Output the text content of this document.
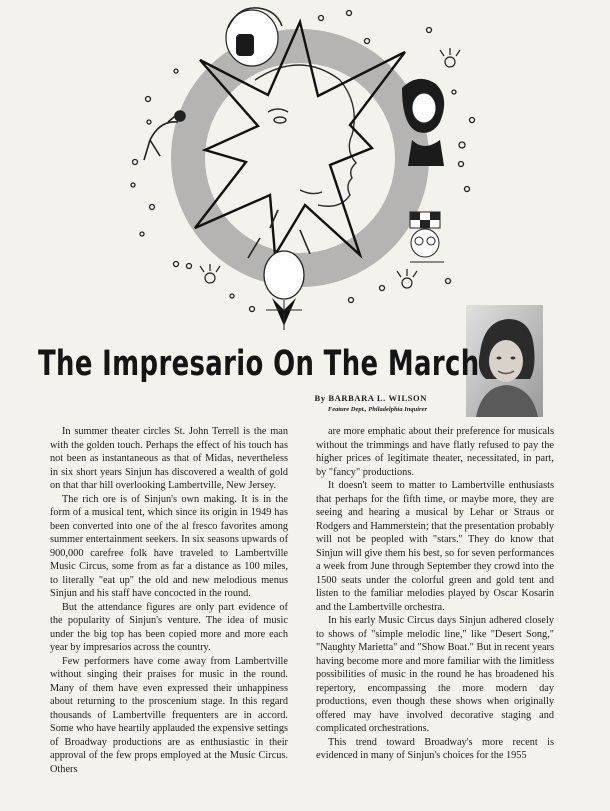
The Impresario On The March
By BARBARA L. WILSON
Feature Dept., Philadelphia Inquirer

In summer theater circles St. John Terrell is the man with the golden touch. Perhaps the effect of his touch has not been as instantaneous as that of Midas, nevertheless in six short years Sinjun has discovered a wealth of gold on that thar hill overlooking Lambertville, New Jersey.

The rich ore is of Sinjun's own making. It is in the form of a musical tent, which since its origin in 1949 has been converted into one of the al fresco favorites among summer entertainment seekers. In six seasons upwards of 900,000 carefree folk have traveled to Lambertville Music Circus, some from as far a distance as 100 miles, to literally "eat up" the old and new melodious menus Sinjun and his staff have concocted in the round.

But the attendance figures are only part evidence of the popularity of Sinjun's venture. The idea of music under the big top has been copied more and more each year by impresarios across the country.

Few performers have come away from Lambertville without singing their praises for music in the round. Many of them have even expressed their unhappiness about returning to the proscenium stage. In this regard thousands of Lambertville frequenters are in accord. Some who have heartily applauded the expensive settings of Broadway productions are as enthusiastic in their approval of the few props employed at the Music Circus. Others

are more emphatic about their preference for musicals without the trimmings and have flatly refused to pay the higher prices of legitimate theater, necessitated, in part, by "fancy" productions.

It doesn't seem to matter to Lambertville enthusiasts that perhaps for the fifth time, or maybe more, they are seeing and hearing a musical by Lehar or Straus or Rodgers and Hammerstein; that the presentation probably will not be peopled with "stars." They do know that Sinjun will give them his best, so for seven performances a week from June through September they crowd into the 1500 seats under the colorful green and gold tent and listen to the familiar melodies played by Oscar Kosarin and the Lambertville orchestra.

In his early Music Circus days Sinjun adhered closely to shows of "simple melodic line," like "Desert Song," "Naughty Marietta" and "Show Boat." But in recent years having become more and more familiar with the limitless possibilities of music in the round he has broadened his repertory, encompassing the more modern day productions, even though these shows when originally offered may have involved decorative staging and complicated orchestrations.

This trend toward Broadway's more recent is evidenced in many of Sinjun's choices for the 1955
